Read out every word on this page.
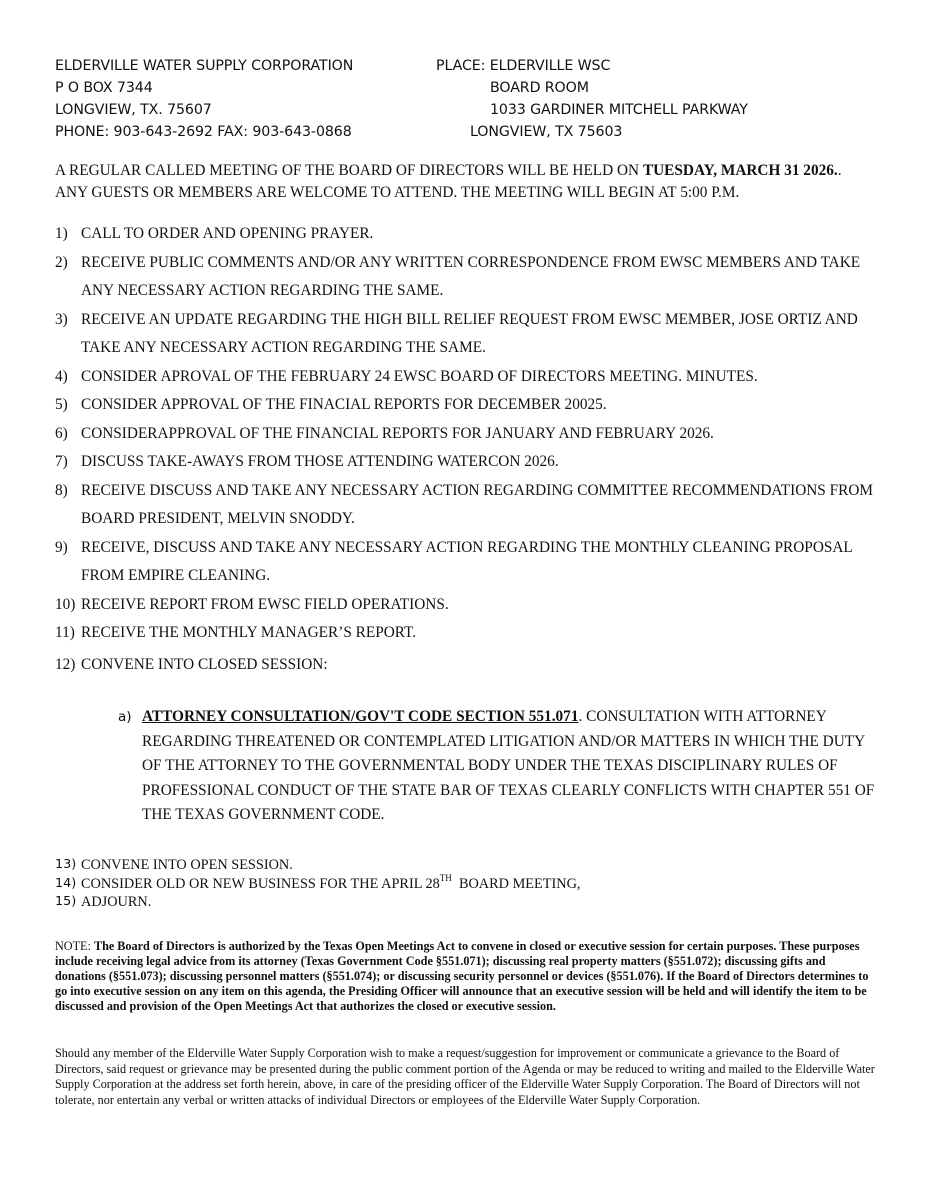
ELDERVILLE WATER SUPPLY CORPORATION
P O BOX 7344
LONGVIEW, TX. 75607
PHONE: 903-643-2692 FAX: 903-643-0868
PLACE: ELDERVILLE WSC
BOARD ROOM
1033 GARDINER MITCHELL PARKWAY
LONGVIEW, TX 75603
A REGULAR CALLED MEETING OF THE BOARD OF DIRECTORS WILL BE HELD ON TUESDAY, MARCH 31 2026.. ANY GUESTS OR MEMBERS ARE WELCOME TO ATTEND. THE MEETING WILL BEGIN AT 5:00 P.M.
1) CALL TO ORDER AND OPENING PRAYER.
2) RECEIVE PUBLIC COMMENTS AND/OR ANY WRITTEN CORRESPONDENCE FROM EWSC MEMBERS AND TAKE ANY NECESSARY ACTION REGARDING THE SAME.
3) RECEIVE AN UPDATE REGARDING THE HIGH BILL RELIEF REQUEST FROM EWSC MEMBER, JOSE ORTIZ AND TAKE ANY NECESSARY ACTION REGARDING THE SAME.
4) CONSIDER APROVAL OF THE FEBRUARY 24 EWSC BOARD OF DIRECTORS MEETING. MINUTES.
5) CONSIDER APPROVAL OF THE FINACIAL REPORTS FOR DECEMBER 20025.
6) CONSIDERAPPROVAL OF THE FINANCIAL REPORTS FOR JANUARY AND FEBRUARY 2026.
7) DISCUSS TAKE-AWAYS FROM THOSE ATTENDING WATERCON 2026.
8) RECEIVE DISCUSS AND TAKE ANY NECESSARY ACTION REGARDING COMMITTEE RECOMMENDATIONS FROM BOARD PRESIDENT, MELVIN SNODDY.
9) RECEIVE, DISCUSS AND TAKE ANY NECESSARY ACTION REGARDING THE MONTHLY CLEANING PROPOSAL FROM EMPIRE CLEANING.
10) RECEIVE REPORT FROM EWSC FIELD OPERATIONS.
11) RECEIVE THE MONTHLY MANAGER’S REPORT.
12) CONVENE INTO CLOSED SESSION:
a) ATTORNEY CONSULTATION/GOV'T CODE SECTION 551.071. CONSULTATION WITH ATTORNEY REGARDING THREATENED OR CONTEMPLATED LITIGATION AND/OR MATTERS IN WHICH THE DUTY OF THE ATTORNEY TO THE GOVERNMENTAL BODY UNDER THE TEXAS DISCIPLINARY RULES OF PROFESSIONAL CONDUCT OF THE STATE BAR OF TEXAS CLEARLY CONFLICTS WITH CHAPTER 551 OF THE TEXAS GOVERNMENT CODE.
13) CONVENE INTO OPEN SESSION.
14) CONSIDER OLD OR NEW BUSINESS FOR THE APRIL 28TH  BOARD MEETING,
15) ADJOURN.
NOTE: The Board of Directors is authorized by the Texas Open Meetings Act to convene in closed or executive session for certain purposes. These purposes include receiving legal advice from its attorney (Texas Government Code §551.071); discussing real property matters (§551.072); discussing gifts and donations (§551.073); discussing personnel matters (§551.074); or discussing security personnel or devices (§551.076). If the Board of Directors determines to go into executive session on any item on this agenda, the Presiding Officer will announce that an executive session will be held and will identify the item to be discussed and provision of the Open Meetings Act that authorizes the closed or executive session.
Should any member of the Elderville Water Supply Corporation wish to make a request/suggestion for improvement or communicate a grievance to the Board of Directors, said request or grievance may be presented during the public comment portion of the Agenda or may be reduced to writing and mailed to the Elderville Water Supply Corporation at the address set forth herein, above, in care of the presiding officer of the Elderville Water Supply Corporation. The Board of Directors will not tolerate, nor entertain any verbal or written attacks of individual Directors or employees of the Elderville Water Supply Corporation.
